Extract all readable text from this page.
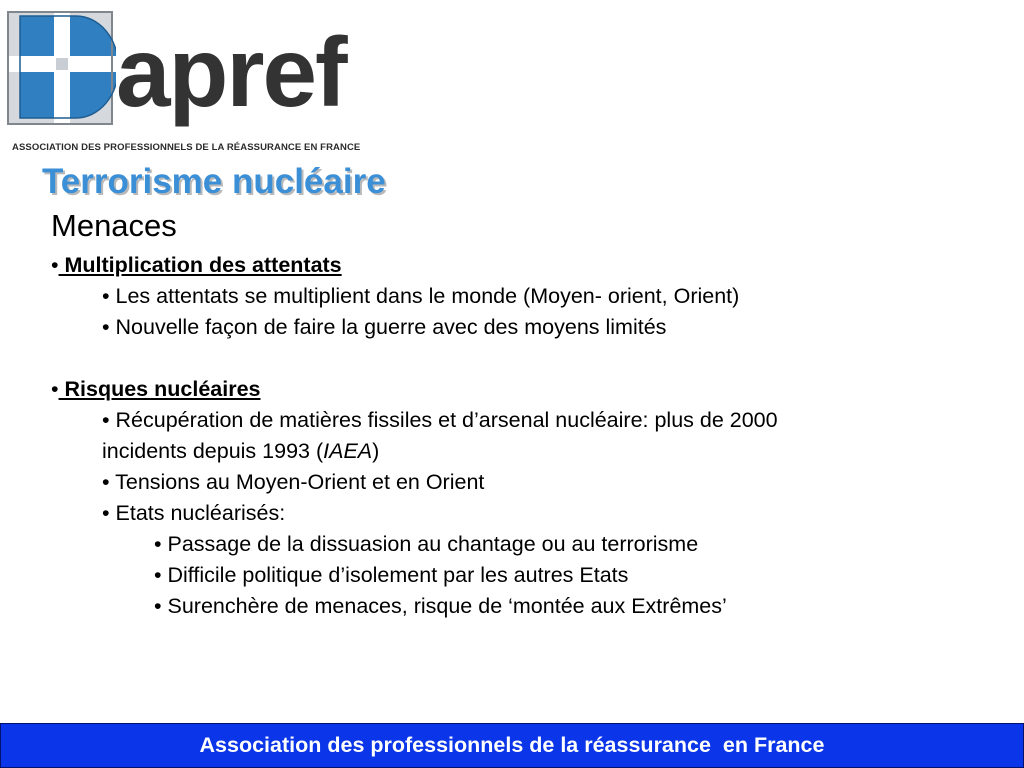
apref
ASSOCIATION DES PROFESSIONNELS DE LA RÉASSURANCE EN FRANCE
Terrorisme nucléaire
Menaces
• Multiplication des attentats
• Les attentats se multiplient dans le monde (Moyen- orient, Orient)
• Nouvelle façon de faire la guerre avec des moyens limités
• Risques nucléaires
• Récupération de matières fissiles et d’arsenal nucléaire: plus de 2000
incidents depuis 1993 (IAEA)
• Tensions au Moyen-Orient et en Orient
• Etats nucléarisés:
• Passage de la dissuasion au chantage ou au terrorisme
• Difficile politique d’isolement par les autres Etats
• Surenchère de menaces, risque de ‘montée aux Extrêmes’
Association des professionnels de la réassurance  en France
